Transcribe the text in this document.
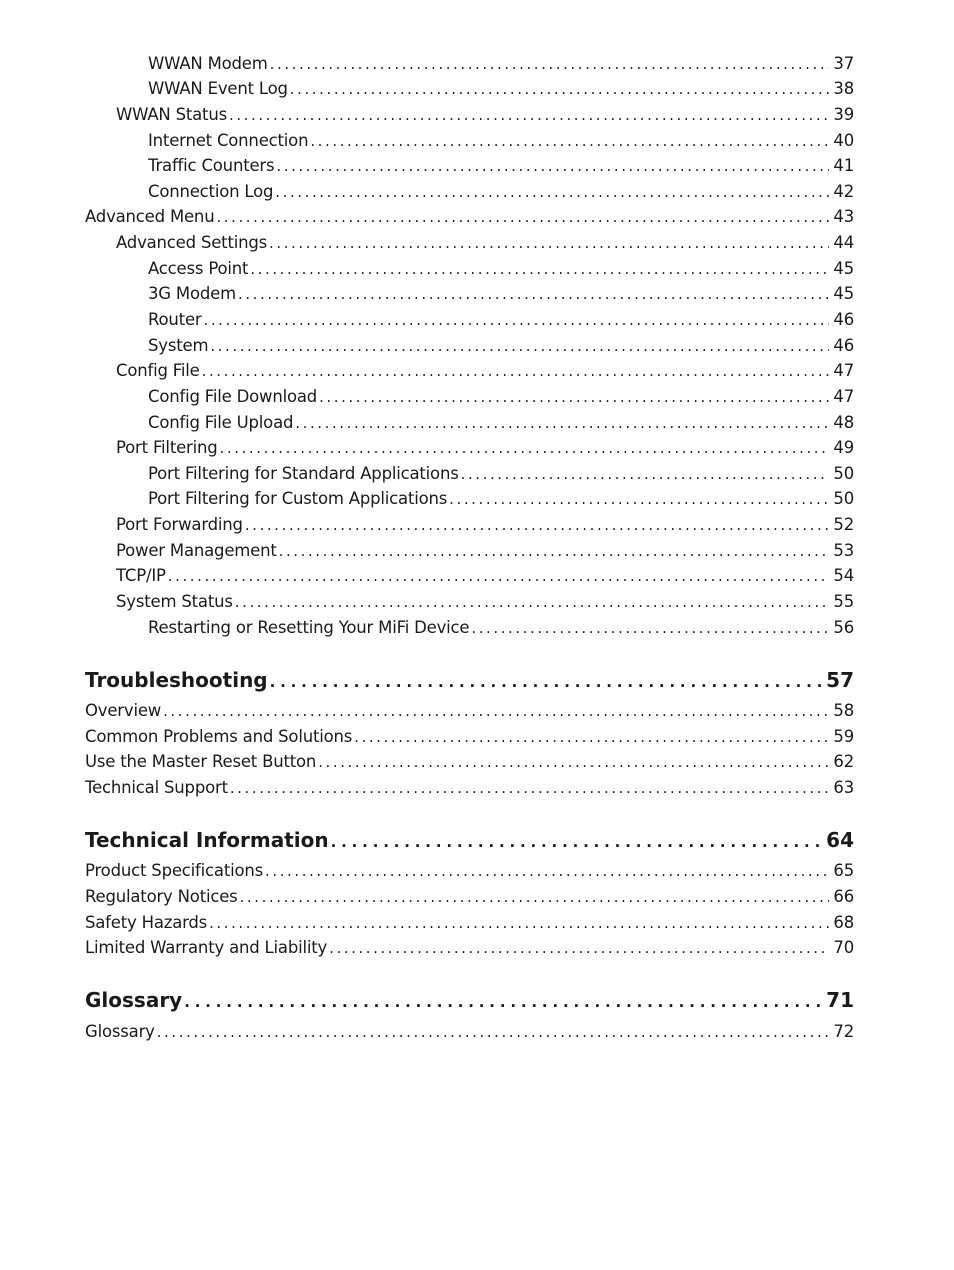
WWAN Modem . . .	37
WWAN Event Log . . .	38
WWAN Status . . .	39
Internet Connection . . .	40
Traffic Counters . . .	41
Connection Log . . .	42
Advanced Menu . . .	43
Advanced Settings . . .	44
Access Point . . .	45
3G Modem . . .	45
Router . . .	46
System . . .	46
Config File . . .	47
Config File Download . . .	47
Config File Upload . . .	48
Port Filtering . . .	49
Port Filtering for Standard Applications . . .	50
Port Filtering for Custom Applications . . .	50
Port Forwarding . . .	52
Power Management . . .	53
TCP/IP . . .	54
System Status . . .	55
Restarting or Resetting Your MiFi Device . . .	56
Troubleshooting . . .	57
Overview . . .	58
Common Problems and Solutions . . .	59
Use the Master Reset Button . . .	62
Technical Support . . .	63
Technical Information . . .	64
Product Specifications . . .	65
Regulatory Notices . . .	66
Safety Hazards . . .	68
Limited Warranty and Liability . . .	70
Glossary . . .	71
Glossary . . .	72
